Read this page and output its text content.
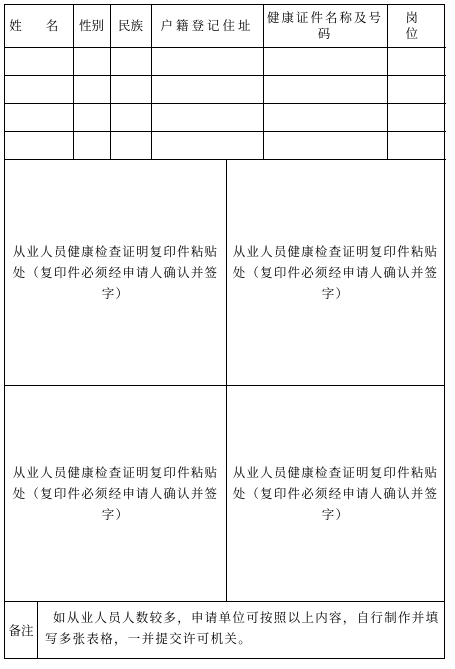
姓 名	性别	民族	户籍登记住址	健康证件名称及号码	岗 位

从业人员健康检查证明复印件粘贴处（复印件必须经申请人确认并签字）
从业人员健康检查证明复印件粘贴处（复印件必须经申请人确认并签字）
从业人员健康检查证明复印件粘贴处（复印件必须经申请人确认并签字）
从业人员健康检查证明复印件粘贴处（复印件必须经申请人确认并签字）
备注
如从业人员人数较多，申请单位可按照以上内容，自行制作并填写多张表格，一并提交许可机关。
